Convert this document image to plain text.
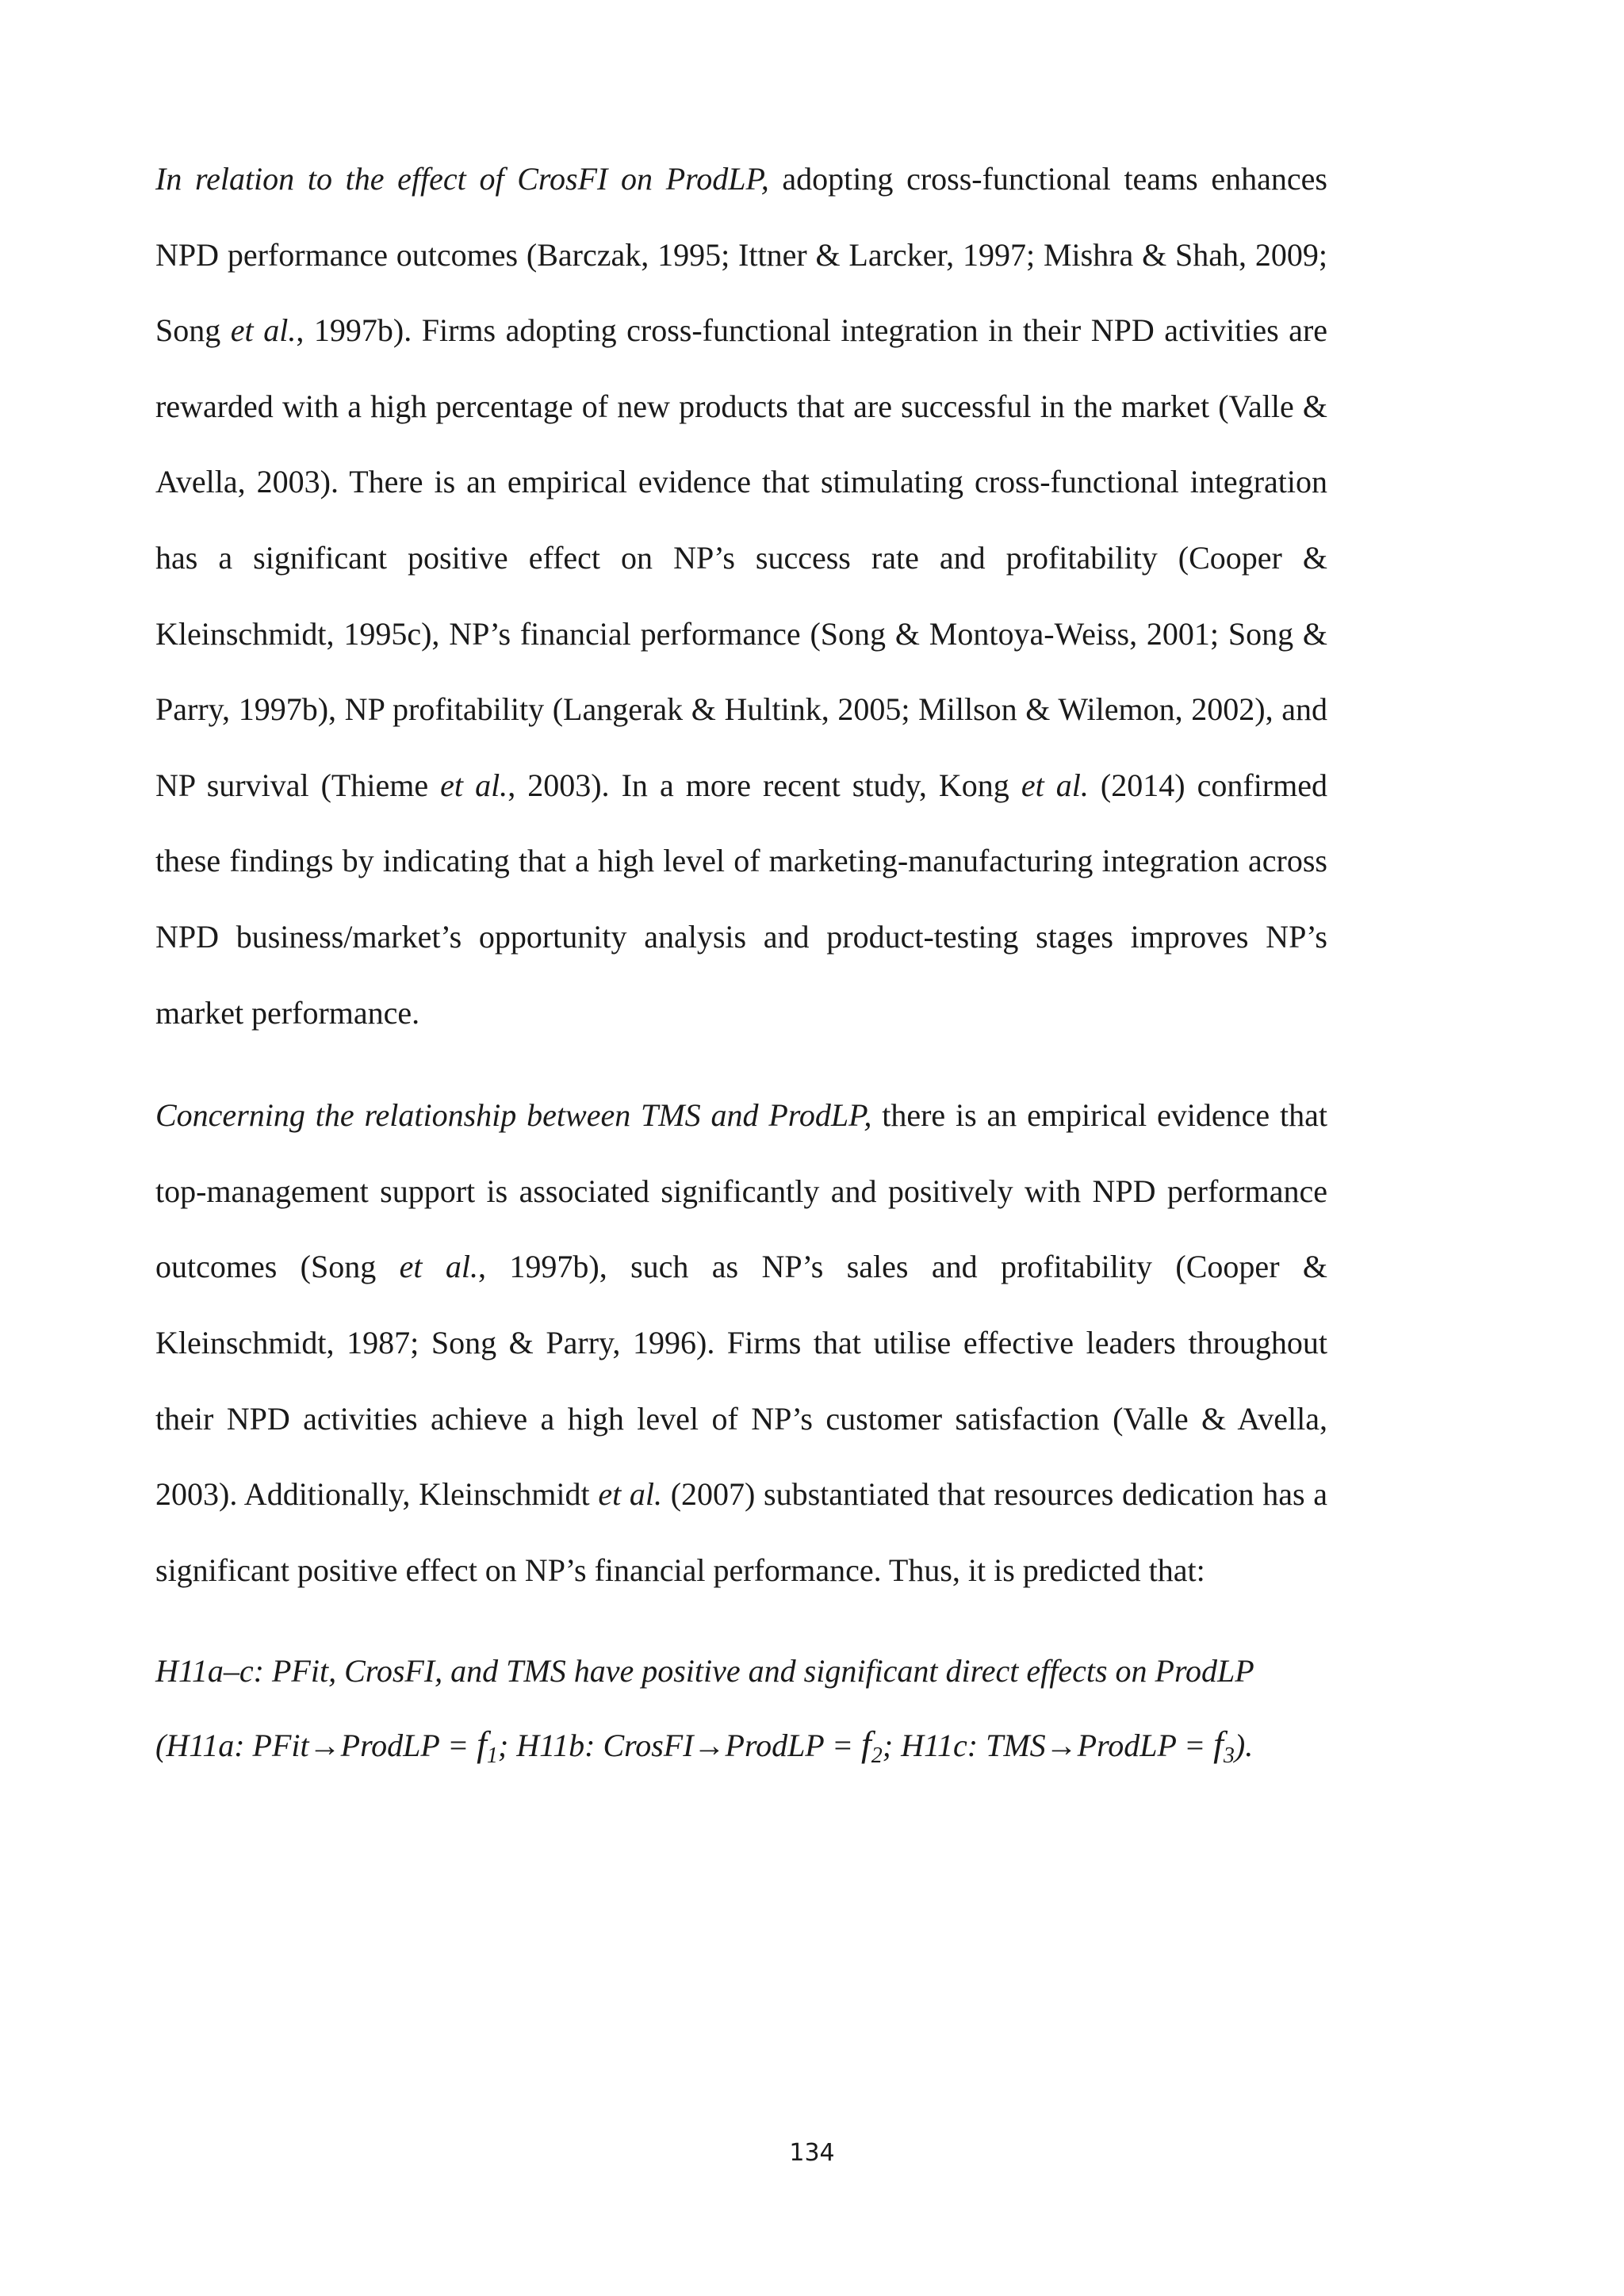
In relation to the effect of CrosFI on ProdLP, adopting cross-functional teams enhances NPD performance outcomes (Barczak, 1995; Ittner & Larcker, 1997; Mishra & Shah, 2009; Song et al., 1997b). Firms adopting cross-functional integration in their NPD activities are rewarded with a high percentage of new products that are successful in the market (Valle & Avella, 2003). There is an empirical evidence that stimulating cross-functional integration has a significant positive effect on NP’s success rate and profitability (Cooper & Kleinschmidt, 1995c), NP’s financial performance (Song & Montoya-Weiss, 2001; Song & Parry, 1997b), NP profitability (Langerak & Hultink, 2005; Millson & Wilemon, 2002), and NP survival (Thieme et al., 2003). In a more recent study, Kong et al. (2014) confirmed these findings by indicating that a high level of marketing-manufacturing integration across NPD business/market’s opportunity analysis and product-testing stages improves NP’s market performance.

Concerning the relationship between TMS and ProdLP, there is an empirical evidence that top-management support is associated significantly and positively with NPD performance outcomes (Song et al., 1997b), such as NP’s sales and profitability (Cooper & Kleinschmidt, 1987; Song & Parry, 1996). Firms that utilise effective leaders throughout their NPD activities achieve a high level of NP’s customer satisfaction (Valle & Avella, 2003). Additionally, Kleinschmidt et al. (2007) substantiated that resources dedication has a significant positive effect on NP’s financial performance. Thus, it is predicted that:

H11a–c: PFit, CrosFI, and TMS have positive and significant direct effects on ProdLP
(H11a: PFit→ProdLP = $f_1$; H11b: CrosFI→ProdLP = $f_2$; H11c: TMS→ProdLP = $f_3$).

134
